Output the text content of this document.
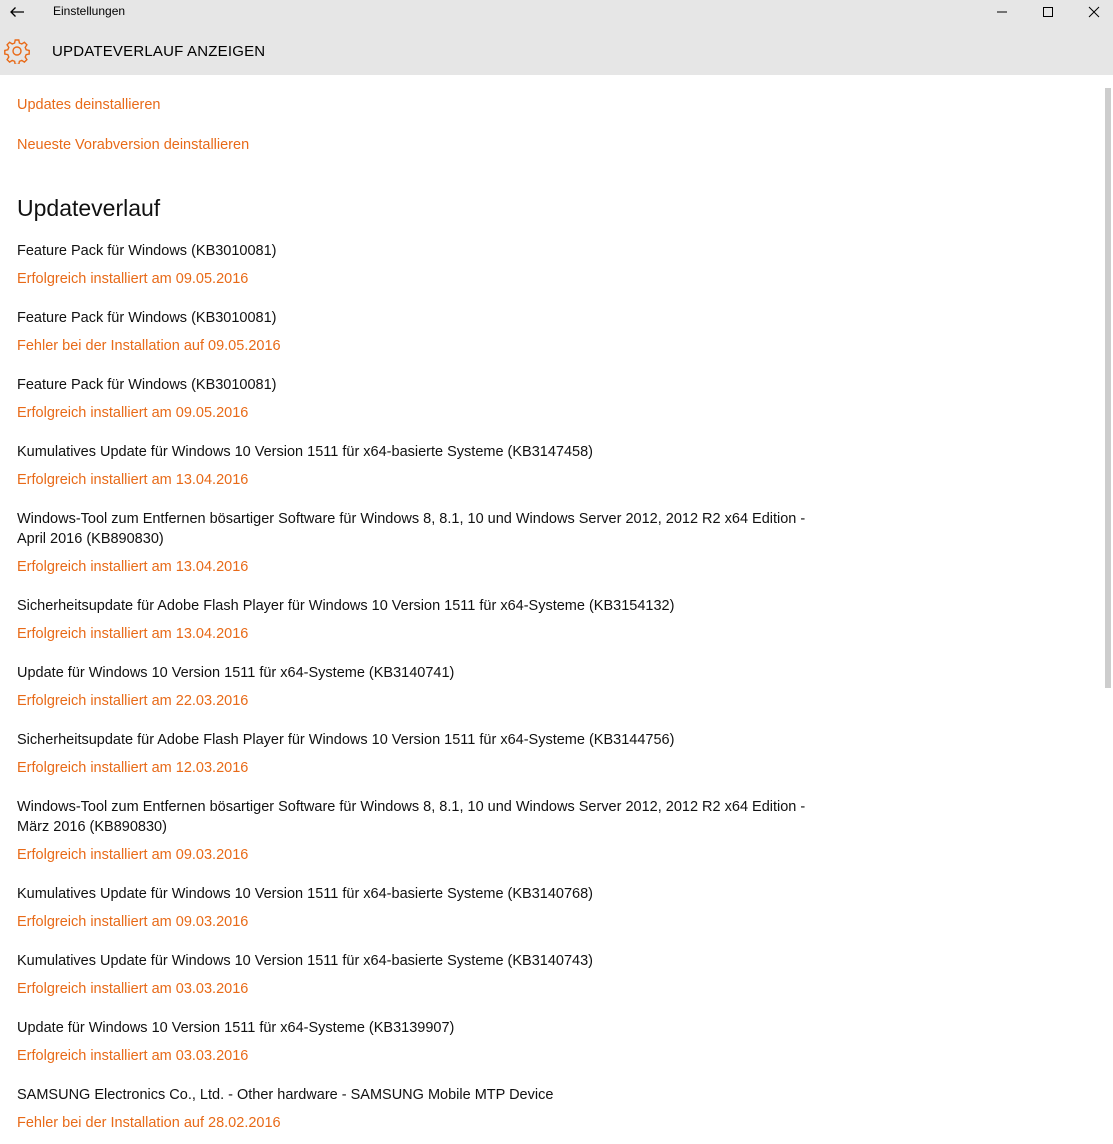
Einstellungen
UPDATEVERLAUF ANZEIGEN
Updates deinstallieren
Neueste Vorabversion deinstallieren
Updateverlauf
Feature Pack für Windows (KB3010081)
Erfolgreich installiert am 09.05.2016
Feature Pack für Windows (KB3010081)
Fehler bei der Installation auf 09.05.2016
Feature Pack für Windows (KB3010081)
Erfolgreich installiert am 09.05.2016
Kumulatives Update für Windows 10 Version 1511 für x64-basierte Systeme (KB3147458)
Erfolgreich installiert am 13.04.2016
Windows-Tool zum Entfernen bösartiger Software für Windows 8, 8.1, 10 und Windows Server 2012, 2012 R2 x64 Edition - April 2016 (KB890830)
Erfolgreich installiert am 13.04.2016
Sicherheitsupdate für Adobe Flash Player für Windows 10 Version 1511 für x64-Systeme (KB3154132)
Erfolgreich installiert am 13.04.2016
Update für Windows 10 Version 1511 für x64-Systeme (KB3140741)
Erfolgreich installiert am 22.03.2016
Sicherheitsupdate für Adobe Flash Player für Windows 10 Version 1511 für x64-Systeme (KB3144756)
Erfolgreich installiert am 12.03.2016
Windows-Tool zum Entfernen bösartiger Software für Windows 8, 8.1, 10 und Windows Server 2012, 2012 R2 x64 Edition - März 2016 (KB890830)
Erfolgreich installiert am 09.03.2016
Kumulatives Update für Windows 10 Version 1511 für x64-basierte Systeme (KB3140768)
Erfolgreich installiert am 09.03.2016
Kumulatives Update für Windows 10 Version 1511 für x64-basierte Systeme (KB3140743)
Erfolgreich installiert am 03.03.2016
Update für Windows 10 Version 1511 für x64-Systeme (KB3139907)
Erfolgreich installiert am 03.03.2016
SAMSUNG Electronics Co., Ltd. - Other hardware - SAMSUNG Mobile MTP Device
Fehler bei der Installation auf 28.02.2016
